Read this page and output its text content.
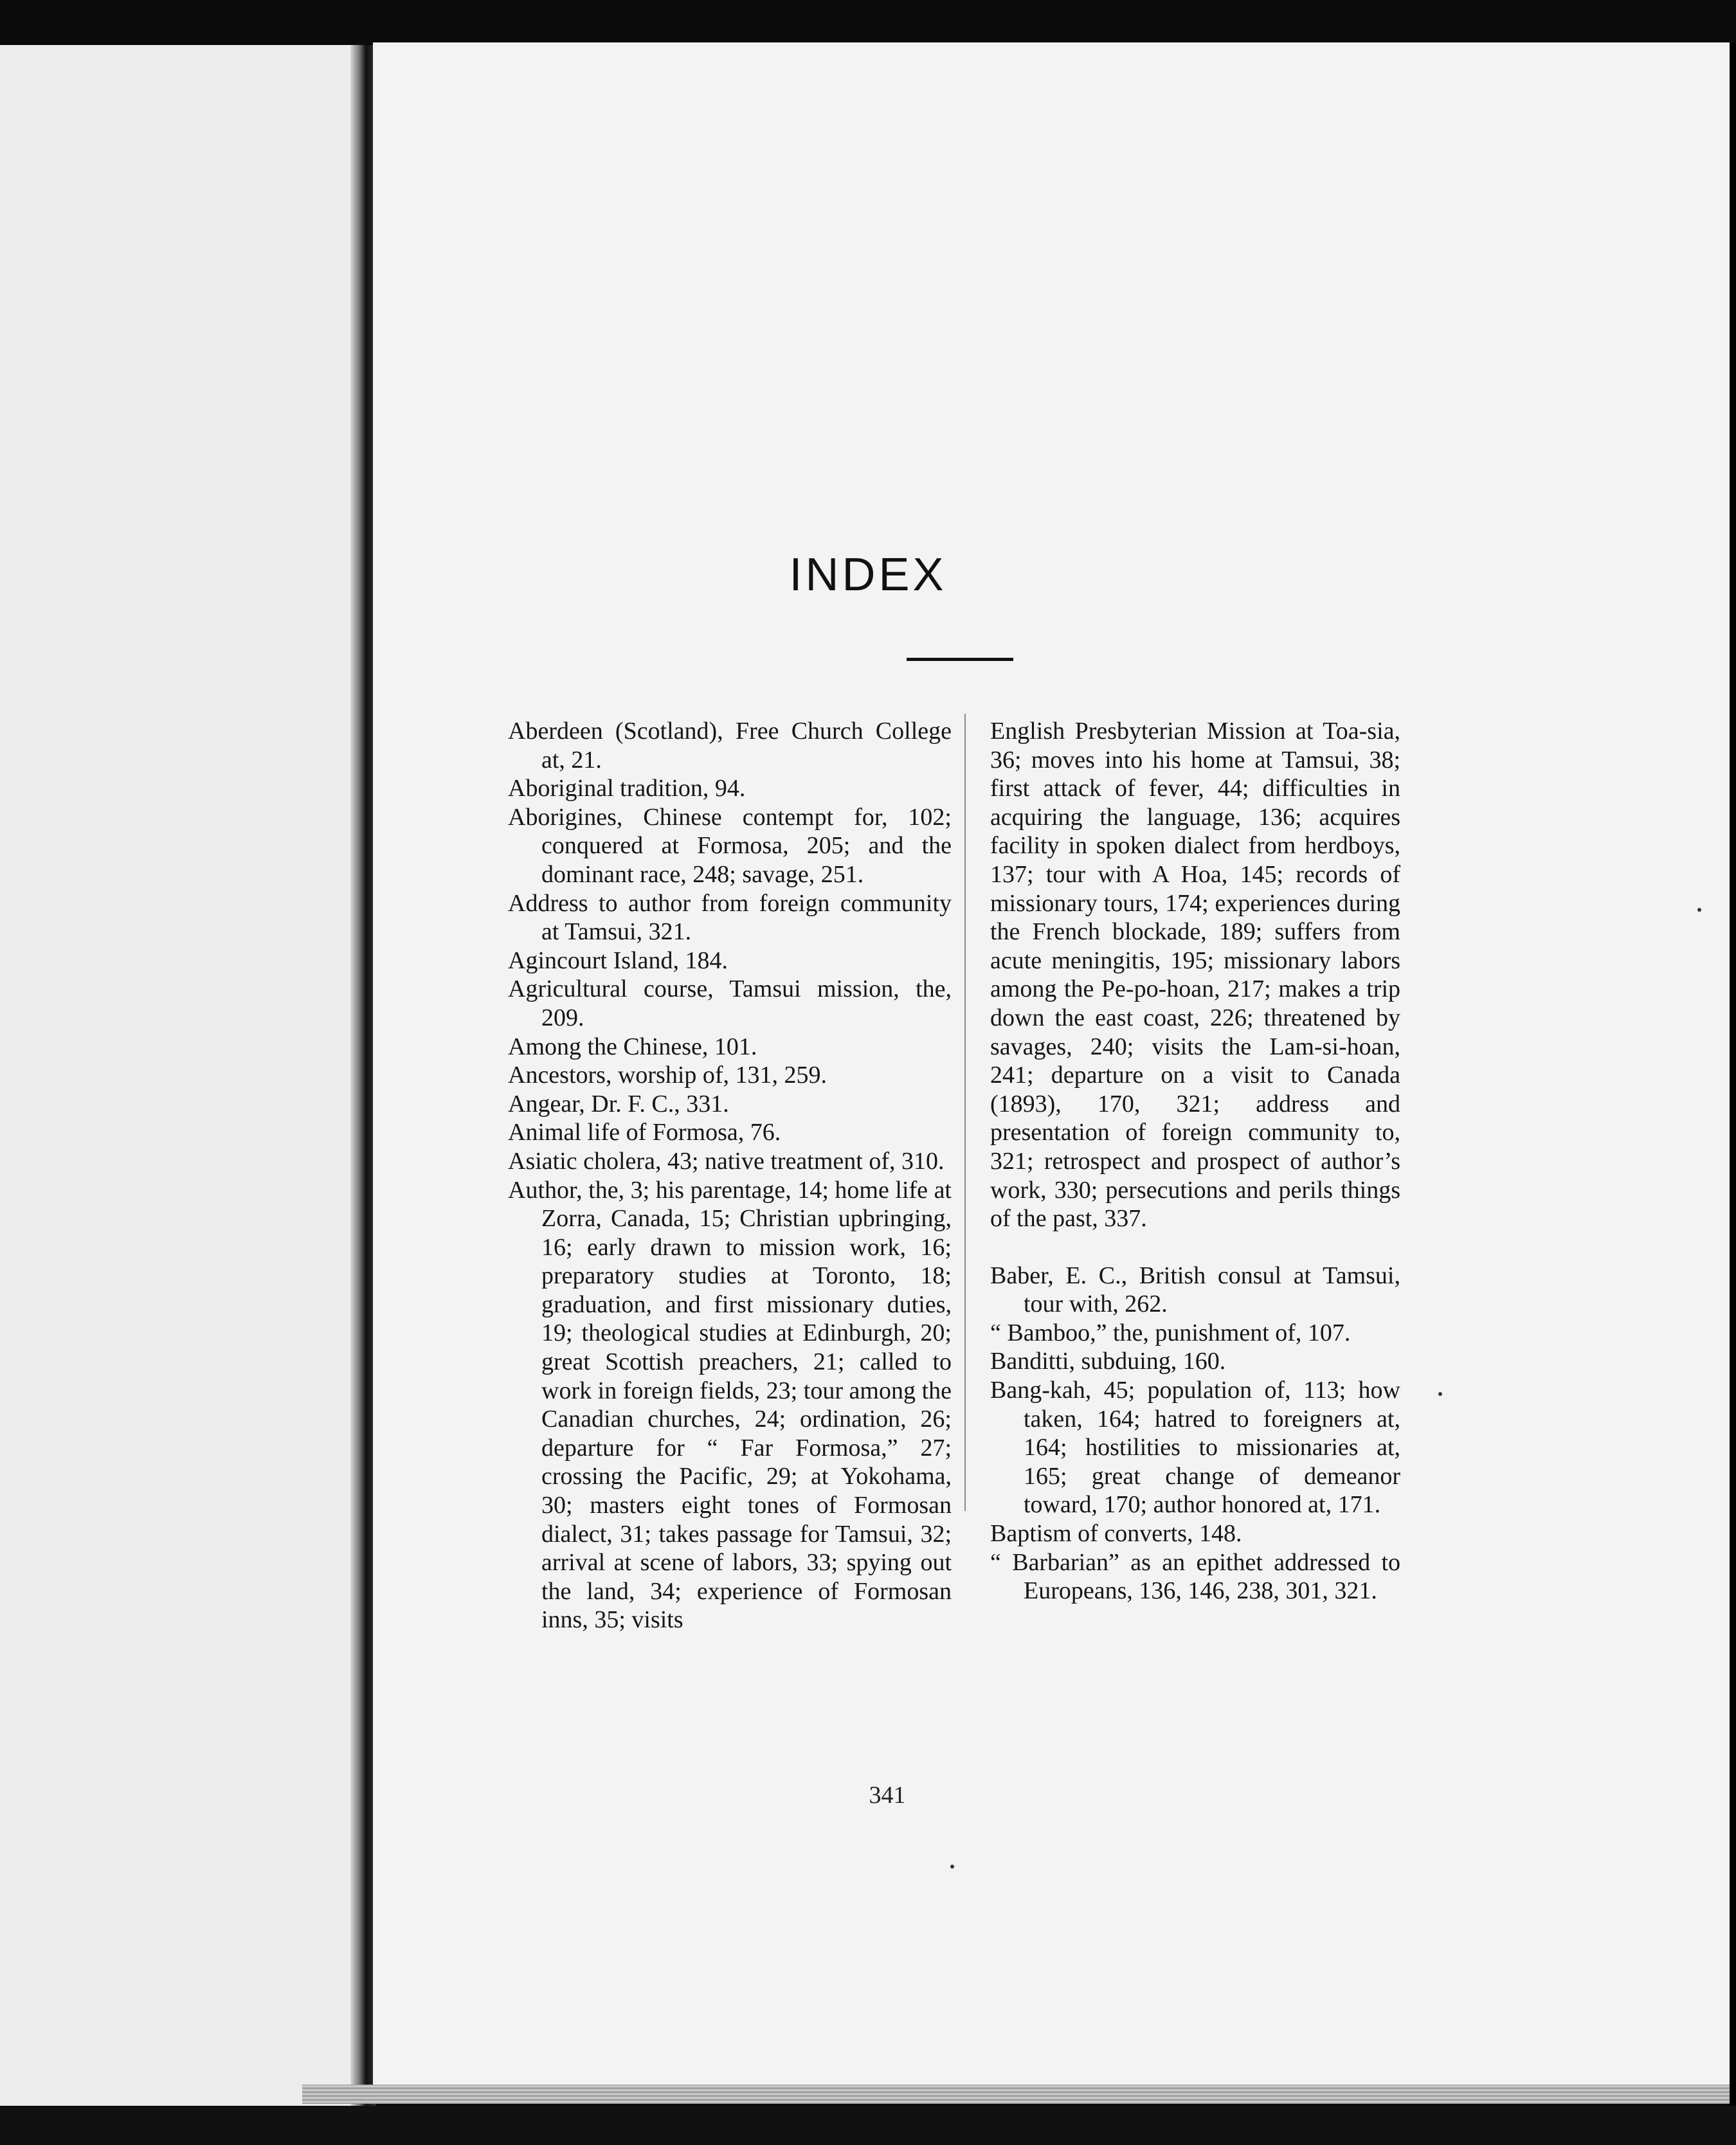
INDEX

Aberdeen (Scotland), Free Church College at, 21.

Aboriginal tradition, 94.

Aborigines, Chinese contempt for, 102; conquered at Formosa, 205; and the dominant race, 248; savage, 251.

Address to author from foreign community at Tamsui, 321.

Agincourt Island, 184.

Agricultural course, Tamsui mission, the, 209.

Among the Chinese, 101.

Ancestors, worship of, 131, 259.

Angear, Dr. F. C., 331.

Animal life of Formosa, 76.

Asiatic cholera, 43; native treatment of, 310.

Author, the, 3; his parentage, 14; home life at Zorra, Canada, 15; Christian upbringing, 16; early drawn to mission work, 16; preparatory studies at Toronto, 18; graduation, and first missionary duties, 19; theological studies at Edinburgh, 20; great Scottish preachers, 21; called to work in foreign fields, 23; tour among the Canadian churches, 24; ordination, 26; departure for “ Far Formosa,” 27; crossing the Pacific, 29; at Yokohama, 30; masters eight tones of Formosan dialect, 31; takes passage for Tamsui, 32; arrival at scene of labors, 33; spying out the land, 34; experience of Formosan inns, 35; visits

English Presbyterian Mission at Toa-sia, 36; moves into his home at Tamsui, 38; first attack of fever, 44; difficulties in acquiring the language, 136; acquires facility in spoken dialect from herdboys, 137; tour with A Hoa, 145; records of missionary tours, 174; experiences during the French blockade, 189; suffers from acute meningitis, 195; missionary labors among the Pe-po-hoan, 217; makes a trip down the east coast, 226; threatened by savages, 240; visits the Lam-si-hoan, 241; departure on a visit to Canada (1893), 170, 321; address and presentation of foreign community to, 321; retrospect and prospect of author’s work, 330; persecutions and perils things of the past, 337.

Baber, E. C., British consul at Tamsui, tour with, 262.

“ Bamboo,” the, punishment of, 107.

Banditti, subduing, 160.

Bang-kah, 45; population of, 113; how taken, 164; hatred to foreigners at, 164; hostilities to missionaries at, 165; great change of demeanor toward, 170; author honored at, 171.

Baptism of converts, 148.

“ Barbarian” as an epithet addressed to Europeans, 136, 146, 238, 301, 321.

341
